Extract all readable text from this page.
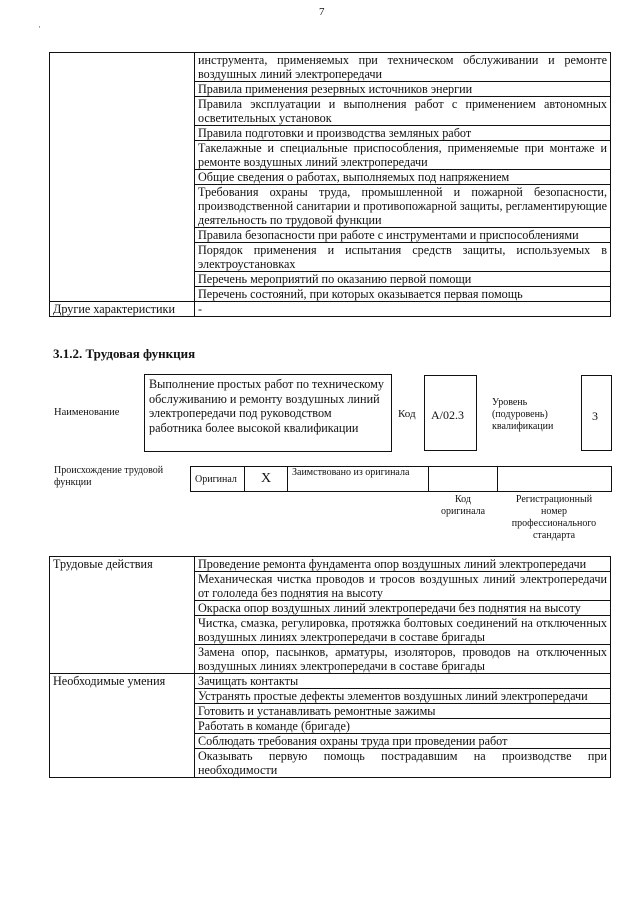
7
·
	инструмента, применяемых при техническом обслуживании и ремонте воздушных линий электропередачи
	Правила применения резервных источников энергии
	Правила эксплуатации и выполнения работ с применением автономных осветительных установок
	Правила подготовки и производства земляных работ
	Такелажные и специальные приспособления, применяемые при монтаже и ремонте воздушных линий электропередачи
	Общие сведения о работах, выполняемых под напряжением
	Требования охраны труда, промышленной и пожарной безопасности, производственной санитарии и противопожарной защиты, регламентирующие деятельность по трудовой функции
	Правила безопасности при работе с инструментами и приспособлениями
	Порядок применения и испытания средств защиты, используемых в электроустановках
	Перечень мероприятий по оказанию первой помощи
	Перечень состояний, при которых оказывается первая помощь
Другие характеристики	-
3.1.2. Трудовая функция
Наименование
Выполнение простых работ по техническому обслуживанию и ремонту воздушных линий электропередачи под руководством работника более высокой квалификации
Код	A/02.3
Уровень (подуровень) квалификации
3
Происхождение трудовой функции	Оригинал X Заимствовано из оригинала
Код оригинала
Регистрационный номер профессионального стандарта
Трудовые действия	Проведение ремонта фундамента опор воздушных линий электропередачи
	Механическая чистка проводов и тросов воздушных линий электропередачи от гололеда без поднятия на высоту
	Окраска опор воздушных линий электропередачи без поднятия на высоту
	Чистка, смазка, регулировка, протяжка болтовых соединений на отключенных воздушных линиях электропередачи в составе бригады
	Замена опор, пасынков, арматуры, изоляторов, проводов на отключенных воздушных линиях электропередачи в составе бригады
Необходимые умения	Зачищать контакты
	Устранять простые дефекты элементов воздушных линий электропередачи
	Готовить и устанавливать ремонтные зажимы
	Работать в команде (бригаде)
	Соблюдать требования охраны труда при проведении работ
	Оказывать первую помощь пострадавшим на производстве при необходимости
